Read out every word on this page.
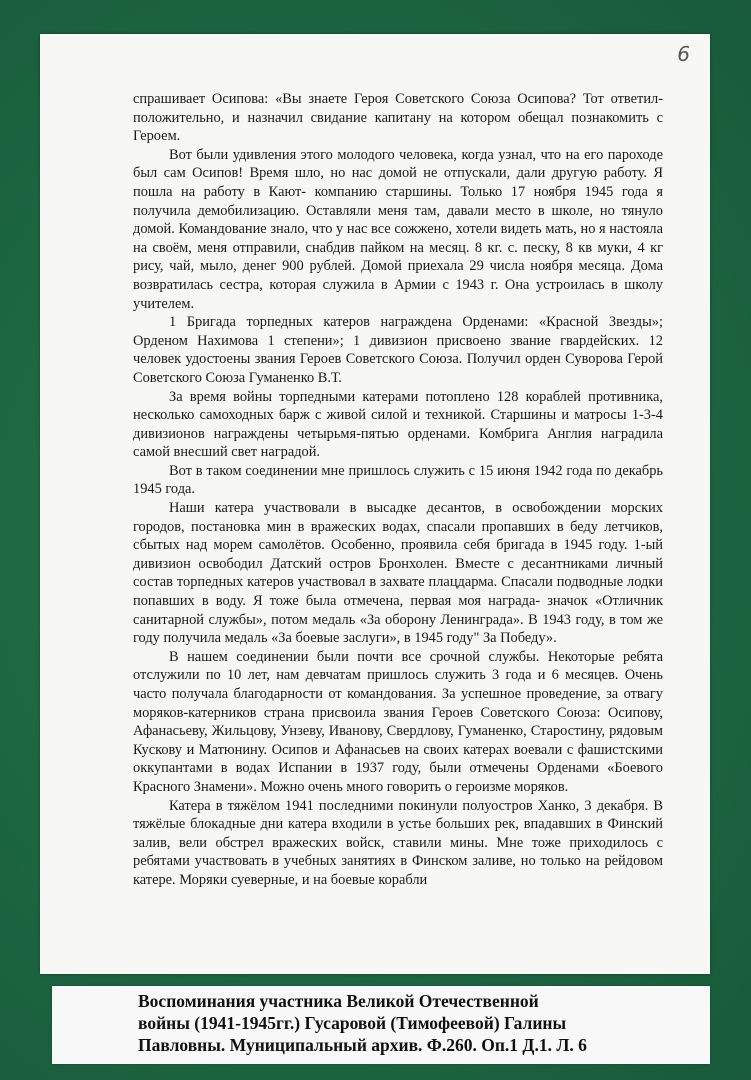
6

спрашивает Осипова: «Вы знаете Героя Советского Союза Осипова? Тот ответил- положительно, и назначил свидание капитану на котором обещал познакомить с Героем.

Вот были удивления этого молодого человека, когда узнал, что на его пароходе был сам Осипов! Время шло, но нас домой не отпускали, дали другую работу. Я пошла на работу в Кают- компанию старшины. Только 17 ноября 1945 года я получила демобилизацию. Оставляли меня там, давали место в школе, но тянуло домой. Командование знало, что у нас все сожжено, хотели видеть мать, но я настояла на своём, меня отправили, снабдив пайком на месяц. 8 кг. с. песку, 8 кв муки, 4 кг рису, чай, мыло, денег 900 рублей. Домой приехала 29 числа ноября месяца. Дома возвратилась сестра, которая служила в Армии с 1943 г. Она устроилась в школу учителем.

1 Бригада торпедных катеров награждена Орденами: «Красной Звезды»; Орденом Нахимова 1 степени»; 1 дивизион присвоено звание гвардейских. 12 человек удостоены звания Героев Советского Союза. Получил орден Суворова Герой Советского Союза Гуманенко В.Т.

За время войны торпедными катерами потоплено 128 кораблей противника, несколько самоходных барж с живой силой и техникой. Старшины и матросы 1-3-4 дивизионов награждены четырьмя-пятью орденами. Комбрига Англия наградила самой внесший свет наградой.

Вот в таком соединении мне пришлось служить с 15 июня 1942 года по декабрь 1945 года.

Наши катера участвовали в высадке десантов, в освобождении морских городов, постановка мин в вражеских водах, спасали пропавших в беду летчиков, сбытых над морем самолётов. Особенно, проявила себя бригада в 1945 году. 1-ый дивизион освободил Датский остров Бронхолен. Вместе с десантниками личный состав торпедных катеров участвовал в захвате плацдарма. Спасали подводные лодки попавших в воду. Я тоже была отмечена, первая моя награда- значок «Отличник санитарной службы», потом медаль «За оборону Ленинграда». В 1943 году, в том же году получила медаль «За боевые заслуги», в 1945 году" За Победу».

В нашем соединении были почти все срочной службы. Некоторые ребята отслужили по 10 лет, нам девчатам пришлось служить 3 года и 6 месяцев. Очень часто получала благодарности от командования. За успешное проведение, за отвагу моряков-катерников страна присвоила звания Героев Советского Союза: Осипову, Афанасьеву, Жильцову, Унзеву, Иванову, Свердлову, Гуманенко, Старостину, рядовым Кускову и Матюнину. Осипов и Афанасьев на своих катерах воевали с фашистскими оккупантами в водах Испании в 1937 году, были отмечены Орденами «Боевого Красного Знамени». Можно очень много говорить о героизме моряков.

Катера в тяжёлом 1941 последними покинули полуостров Ханко, 3 декабря. В тяжёлые блокадные дни катера входили в устье больших рек, впадавших в Финский залив, вели обстрел вражеских войск, ставили мины. Мне тоже приходилось с ребятами участвовать в учебных занятиях в Финском заливе, но только на рейдовом катере. Моряки суеверные, и на боевые корабли

Воспоминания участника Великой Отечественной
войны (1941-1945гг.) Гусаровой (Тимофеевой) Галины
Павловны. Муниципальный архив. Ф.260. Оп.1 Д.1. Л. 6
